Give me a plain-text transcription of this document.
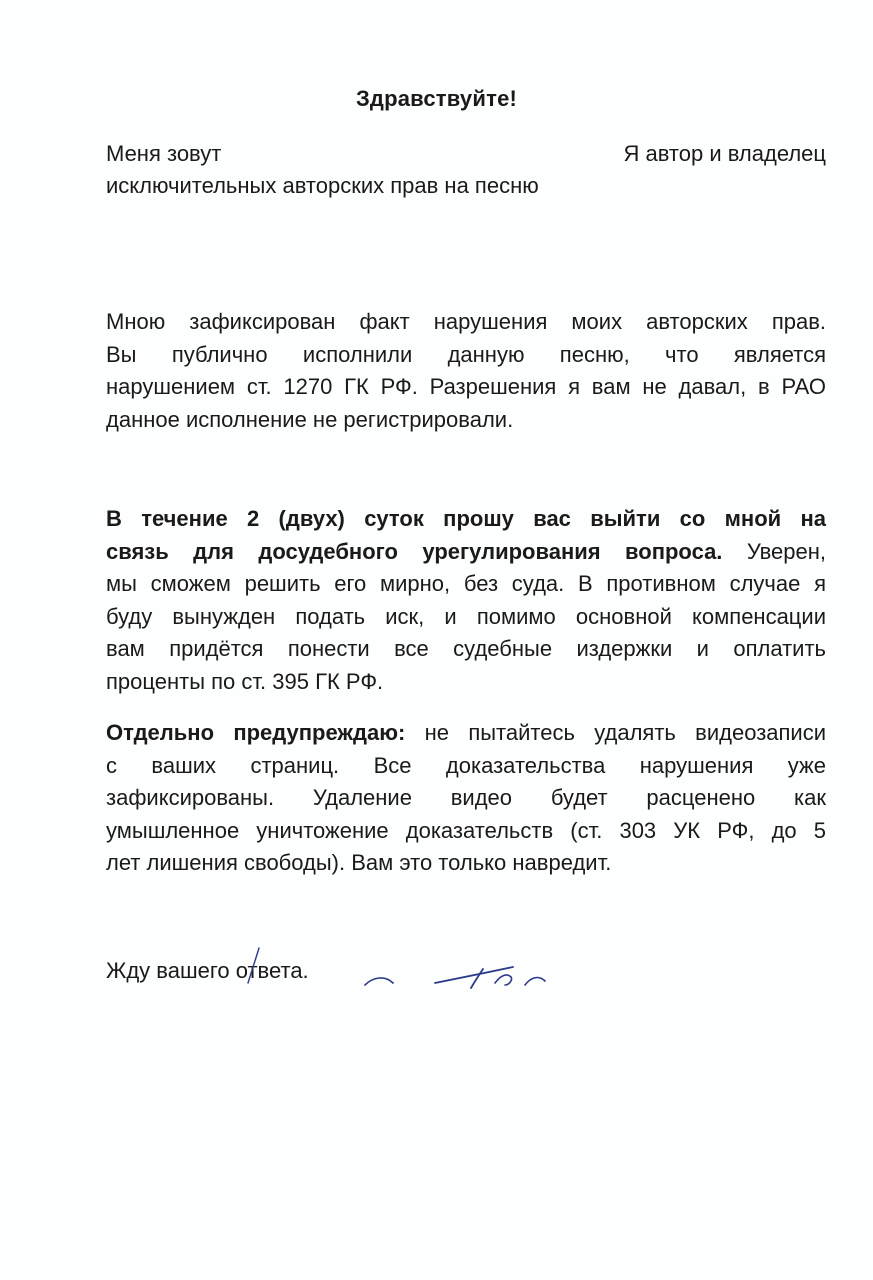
Здравствуйте!
Меня зовут	Я автор и владелец
исключительных авторских прав на песню
Мною зафиксирован факт нарушения моих авторских прав.
Вы публично исполнили данную песню, что является
нарушением ст. 1270 ГК РФ. Разрешения я вам не давал, в РАО
данное исполнение не регистрировали.
В течение 2 (двух) суток прошу вас выйти со мной на
связь для досудебного урегулирования вопроса. Уверен,
мы сможем решить его мирно, без суда. В противном случае я
буду вынужден подать иск, и помимо основной компенсации
вам придётся понести все судебные издержки и оплатить
проценты по ст. 395 ГК РФ.
Отдельно предупреждаю: не пытайтесь удалять видеозаписи
с ваших страниц. Все доказательства нарушения уже
зафиксированы. Удаление видео будет расценено как
умышленное уничтожение доказательств (ст. 303 УК РФ, до 5
лет лишения свободы). Вам это только навредит.
Жду вашего ответа.
